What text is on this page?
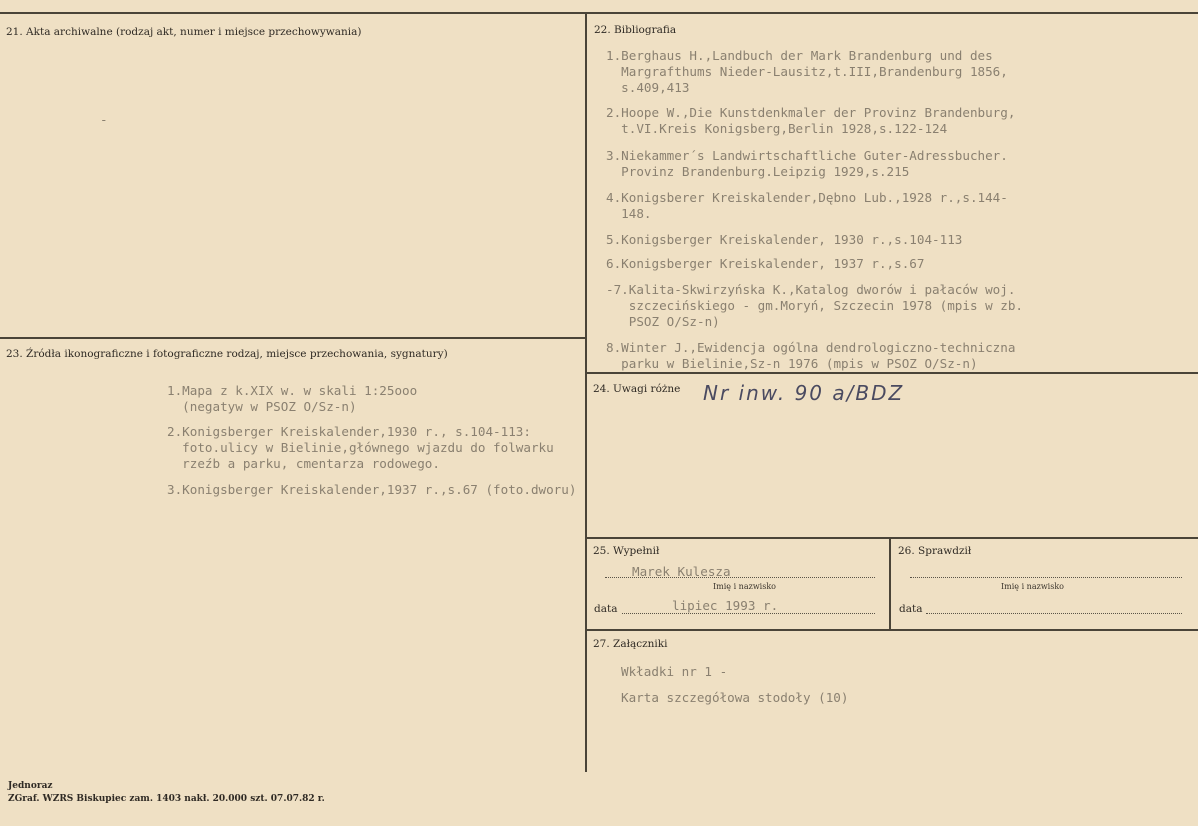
21. Akta archiwalne (rodzaj akt, numer i miejsce przechowywania)
-
22. Bibliografia
1.Berghaus H.,Landbuch der Mark Brandenburg und des
Margrafthums Nieder-Lausitz,t.III,Brandenburg 1856,
s.409,413
2.Hoope W.,Die Kunstdenkmaler der Provinz Brandenburg,
t.VI.Kreis Konigsberg,Berlin 1928,s.122-124
3.Niekammer´s Landwirtschaftliche Guter-Adressbucher.
Provinz Brandenburg.Leipzig 1929,s.215
4.Konigsberer Kreiskalender,Dębno Lub.,1928 r.,s.144-
148.
5.Konigsberger Kreiskalender, 1930 r.,s.104-113
6.Konigsberger Kreiskalender, 1937 r.,s.67
-7.Kalita-Skwirzyńska K.,Katalog dworów i pałaców woj.
szczecińskiego - gm.Moryń, Szczecin 1978 (mpis w zb.
PSOZ O/Sz-n)
8.Winter J.,Ewidencja ogólna dendrologiczno-techniczna
parku w Bielinie,Sz-n 1976 (mpis w PSOZ O/Sz-n)
23. Źródła ikonograficzne i fotograficzne rodzaj, miejsce przechowania, sygnatury)
1.Mapa z k.XIX w. w skali 1:25ooo
(negatyw w PSOZ O/Sz-n)
2.Konigsberger Kreiskalender,1930 r., s.104-113:
foto.ulicy w Bielinie,głównego wjazdu do folwarku
rzeźb a parku, cmentarza rodowego.
3.Konigsberger Kreiskalender,1937 r.,s.67 (foto.dworu)
24. Uwagi różne Nr inw. 90 a/BDZ
25. Wypełnił
Marek Kulesza
Imię i nazwisko
data	lipiec 1993 r.
26. Sprawdził
Imię i nazwisko
data
27. Załączniki
Wkładki nr 1 -
Karta szczegółowa stodoły (10)
Jednoraz
ZGraf. WZRS Biskupiec zam. 1403 nakł. 20.000 szt. 07.07.82 r.
